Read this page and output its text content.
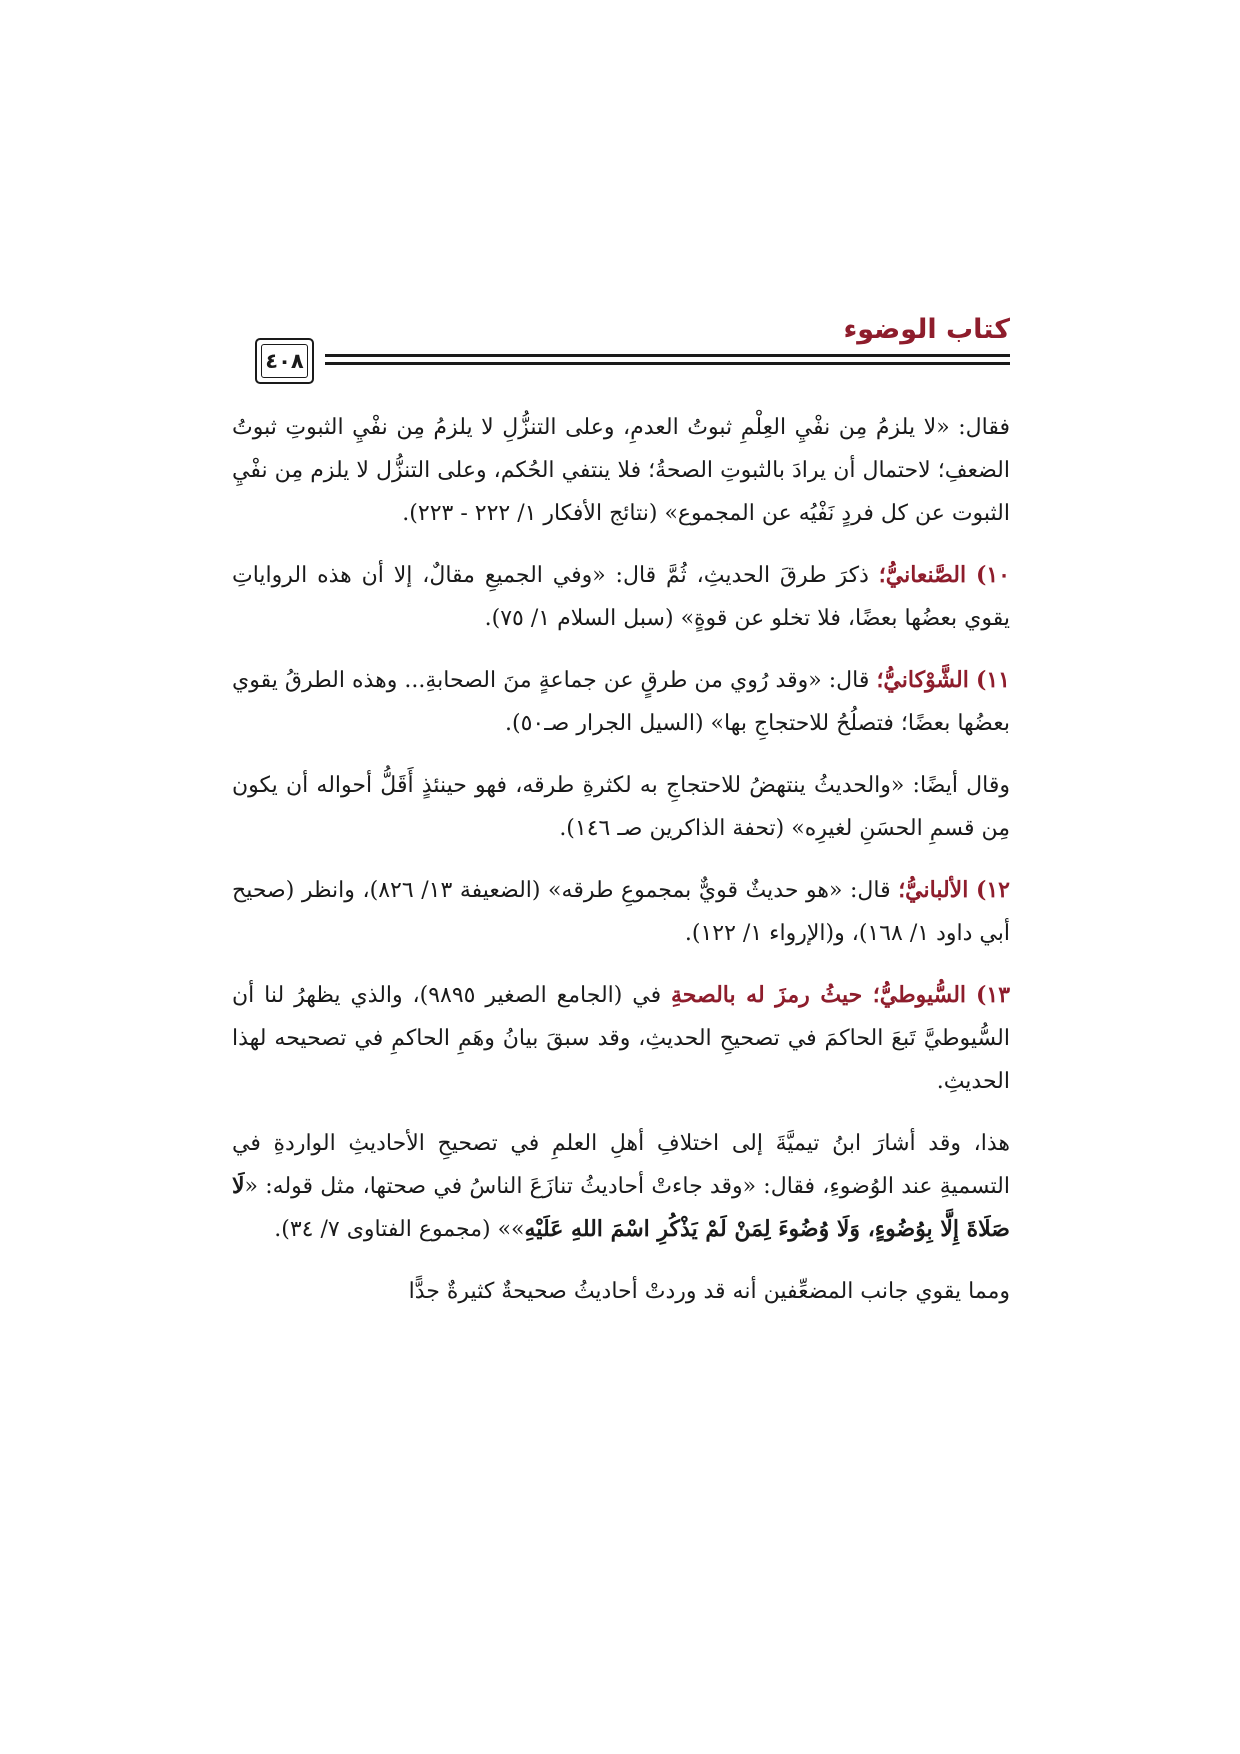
كتاب الوضوء
٤٠٨

فقال: «لا يلزمُ مِن نفْيِ العِلْمِ ثبوتُ العدمِ، وعلى التنزُّلِ لا يلزمُ مِن نفْيِ الثبوتِ ثبوتُ الضعفِ؛ لاحتمال أن يرادَ بالثبوتِ الصحةُ؛ فلا ينتفي الحُكم، وعلى التنزُّل لا يلزم مِن نفْيِ الثبوت عن كل فردٍ نَفْيُه عن المجموع» (نتائج الأفكار ١/ ٢٢٢ - ٢٢٣).

١٠) الصَّنعانيُّ؛ ذكرَ طرقَ الحديثِ، ثُمَّ قال: «وفي الجميعِ مقالٌ، إلا أن هذه الرواياتِ يقوي بعضُها بعضًا، فلا تخلو عن قوةٍ» (سبل السلام ١/ ٧٥).

١١) الشَّوْكانيُّ؛ قال: «وقد رُوي من طرقٍ عن جماعةٍ منَ الصحابةِ... وهذه الطرقُ يقوي بعضُها بعضًا؛ فتصلُحُ للاحتجاجِ بها» (السيل الجرار صـ٥٠).

وقال أيضًا: «والحديثُ ينتهضُ للاحتجاجِ به لكثرةِ طرقه، فهو حينئذٍ أَقَلُّ أحواله أن يكون مِن قسمِ الحسَنِ لغيرِه» (تحفة الذاكرين صـ ١٤٦).

١٢) الألبانيُّ؛ قال: «هو حديثٌ قويٌّ بمجموعِ طرقه» (الضعيفة ١٣/ ٨٢٦)، وانظر (صحيح أبي داود ١/ ١٦٨)، و(الإرواء ١/ ١٢٢).

١٣) السُّيوطيُّ؛ حيثُ رمزَ له بالصحةِ في (الجامع الصغير ٩٨٩٥)، والذي يظهرُ لنا أن السُّيوطيَّ تَبعَ الحاكمَ في تصحيحِ الحديثِ، وقد سبقَ بيانُ وهَمِ الحاكمِ في تصحيحه لهذا الحديثِ.

هذا، وقد أشارَ ابنُ تيميَّةَ إلى اختلافِ أهلِ العلمِ في تصحيحِ الأحاديثِ الواردةِ في التسميةِ عند الوُضوءِ، فقال: «وقد جاءتْ أحاديثُ تنازَعَ الناسُ في صحتها، مثل قوله: «لَا صَلَاةَ إِلَّا بِوُضُوءٍ، وَلَا وُضُوءَ لِمَنْ لَمْ يَذْكُرِ اسْمَ اللهِ عَلَيْهِ»» (مجموع الفتاوى ٧/ ٣٤).

ومما يقوي جانب المضعِّفين أنه قد وردتْ أحاديثُ صحيحةٌ كثيرةٌ جدًّا
